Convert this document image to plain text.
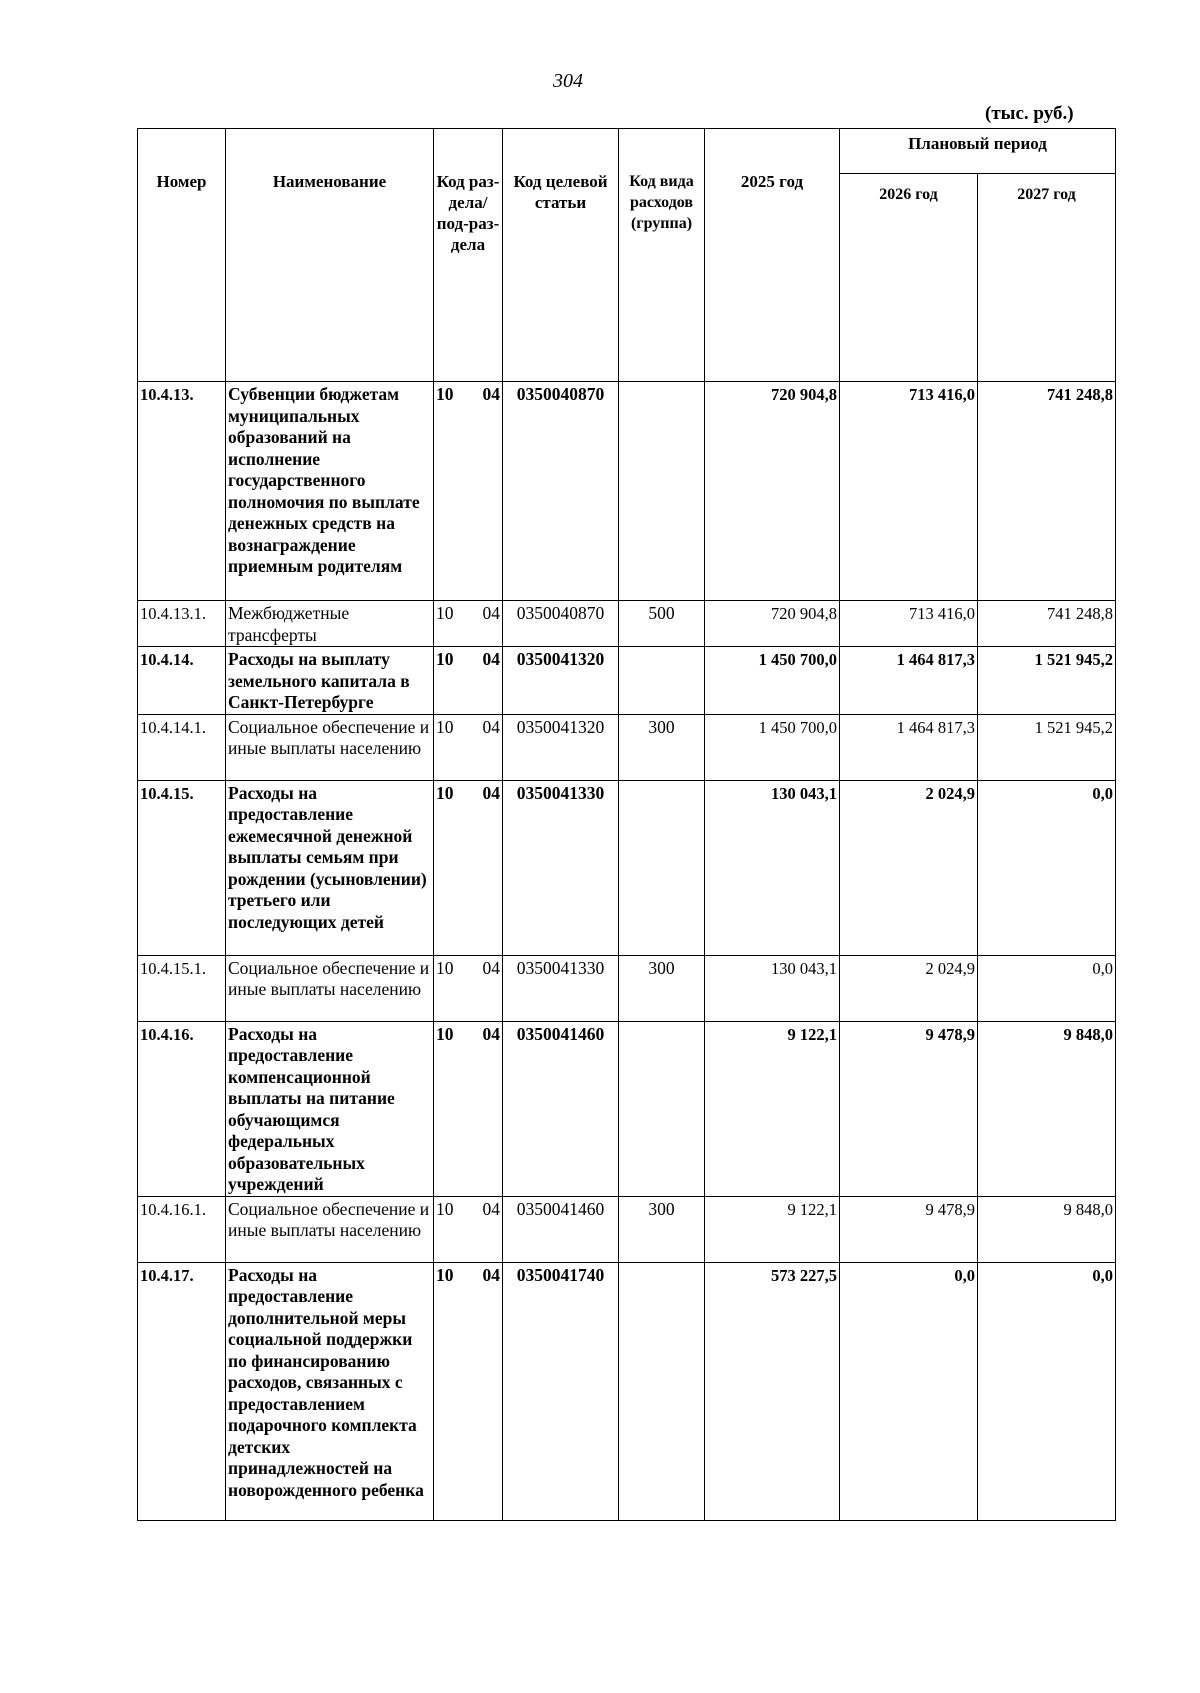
304
(тыс. руб.)
Номер	Наименование	Код раз-дела/ под-раз-дела	Код целевой статьи	Код вида расходов (группа)	2025 год	Плановый период	
						2026 год	2027 год
10.4.13.	Субвенции бюджетам муниципальных образований на исполнение государственного полномочия по выплате денежных средств на вознаграждение приемным родителям	10 04	0350040870		720 904,8	713 416,0	741 248,8
10.4.13.1.	Межбюджетные трансферты	10 04	0350040870	500	720 904,8	713 416,0	741 248,8
10.4.14.	Расходы на выплату земельного капитала в Санкт-Петербурге	10 04	0350041320		1 450 700,0	1 464 817,3	1 521 945,2
10.4.14.1.	Социальное обеспечение и иные выплаты населению	10 04	0350041320	300	1 450 700,0	1 464 817,3	1 521 945,2
10.4.15.	Расходы на предоставление ежемесячной денежной выплаты семьям при рождении (усыновлении) третьего или последующих детей	10 04	0350041330		130 043,1	2 024,9	0,0
10.4.15.1.	Социальное обеспечение и иные выплаты населению	10 04	0350041330	300	130 043,1	2 024,9	0,0
10.4.16.	Расходы на предоставление компенсационной выплаты на питание обучающимся федеральных образовательных учреждений	10 04	0350041460		9 122,1	9 478,9	9 848,0
10.4.16.1.	Социальное обеспечение и иные выплаты населению	10 04	0350041460	300	9 122,1	9 478,9	9 848,0
10.4.17.	Расходы на предоставление дополнительной меры социальной поддержки по финансированию расходов, связанных с предоставлением подарочного комплекта детских принадлежностей на новорожденного ребенка	10 04	0350041740		573 227,5	0,0	0,0
